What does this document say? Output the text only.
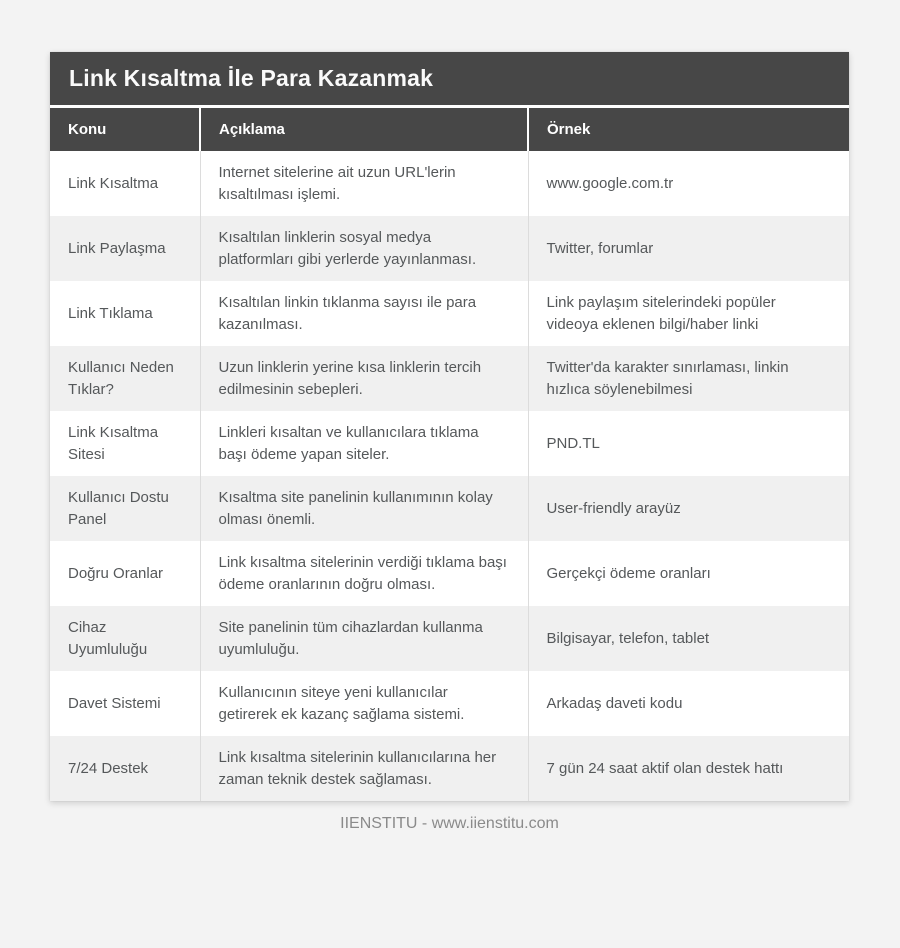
Link Kısaltma İle Para Kazanmak
Konu	Açıklama	Örnek
Link Kısaltma	Internet sitelerine ait uzun URL'lerin kısaltılması işlemi.	www.google.com.tr
Link Paylaşma	Kısaltılan linklerin sosyal medya platformları gibi yerlerde yayınlanması.	Twitter, forumlar
Link Tıklama	Kısaltılan linkin tıklanma sayısı ile para kazanılması.	Link paylaşım sitelerindeki popüler videoya eklenen bilgi/haber linki
Kullanıcı Neden Tıklar?	Uzun linklerin yerine kısa linklerin tercih edilmesinin sebepleri.	Twitter'da karakter sınırlaması, linkin hızlıca söylenebilmesi
Link Kısaltma Sitesi	Linkleri kısaltan ve kullanıcılara tıklama başı ödeme yapan siteler.	PND.TL
Kullanıcı Dostu Panel	Kısaltma site panelinin kullanımının kolay olması önemli.	User-friendly arayüz
Doğru Oranlar	Link kısaltma sitelerinin verdiği tıklama başı ödeme oranlarının doğru olması.	Gerçekçi ödeme oranları
Cihaz Uyumluluğu	Site panelinin tüm cihazlardan kullanma uyumluluğu.	Bilgisayar, telefon, tablet
Davet Sistemi	Kullanıcının siteye yeni kullanıcılar getirerek ek kazanç sağlama sistemi.	Arkadaş daveti kodu
7/24 Destek	Link kısaltma sitelerinin kullanıcılarına her zaman teknik destek sağlaması.	7 gün 24 saat aktif olan destek hattı
IIENSTITU - www.iienstitu.com
